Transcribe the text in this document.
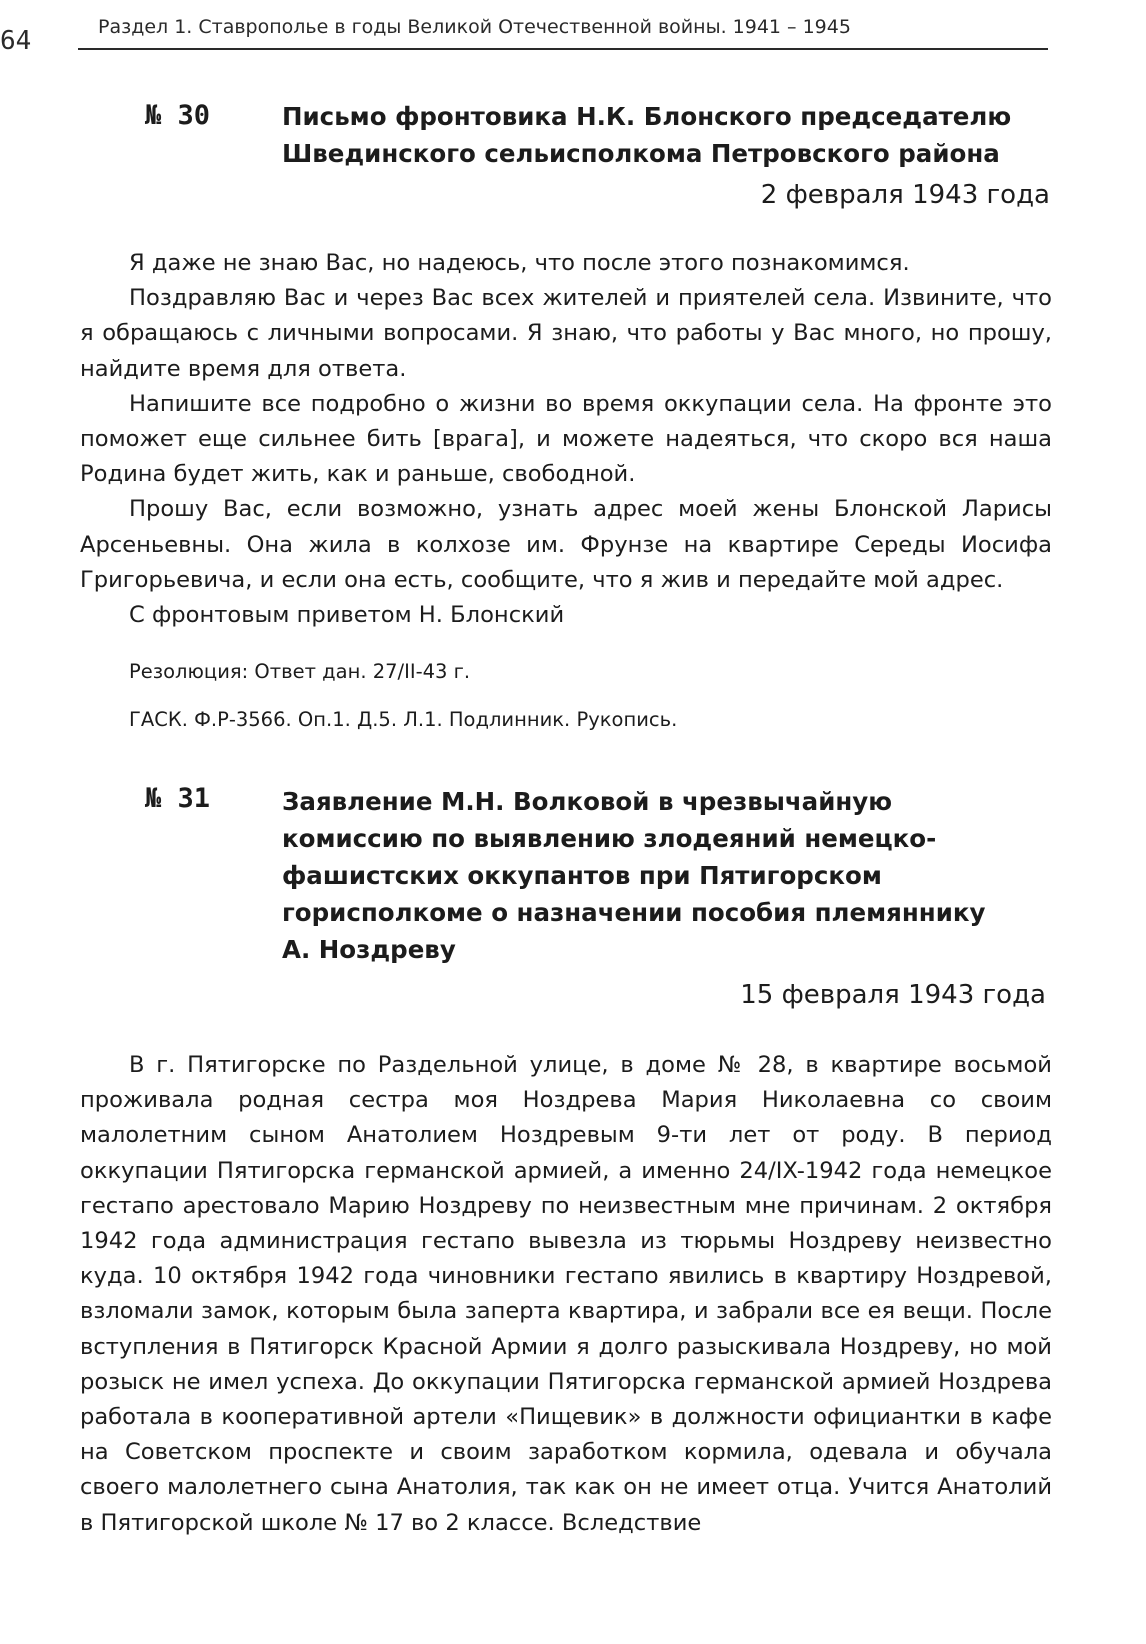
64	Раздел 1. Ставрополье в годы Великой Отечественной войны. 1941 – 1945
№ 30	Письмо фронтовика Н.К. Блонского председателю
Швединского сельисполкома Петровского района
2 февраля 1943 года

Я даже не знаю Вас, но надеюсь, что после этого познакомимся.

Поздравляю Вас и через Вас всех жителей и приятелей села. Извините, что я обращаюсь с личными вопросами. Я знаю, что работы у Вас много, но прошу, найдите время для ответа.

Напишите все подробно о жизни во время оккупации села. На фронте это поможет еще сильнее бить [врага], и можете надеяться, что скоро вся наша Родина будет жить, как и раньше, свободной.

Прошу Вас, если возможно, узнать адрес моей жены Блонской Ларисы Арсеньевны. Она жила в колхозе им. Фрунзе на квартире Середы Иосифа Григорьевича, и если она есть, сообщите, что я жив и передайте мой адрес.

С фронтовым приветом Н. Блонский

Резолюция: Ответ дан. 27/II-43 г.
ГАСК. Ф.Р-3566. Оп.1. Д.5. Л.1. Подлинник. Рукопись.
№ 31	Заявление М.Н. Волковой в чрезвычайную
комиссию по выявлению злодеяний немецко-
фашистских оккупантов при Пятигорском
горисполкоме о назначении пособия племяннику
А. Ноздреву
15 февраля 1943 года

В г. Пятигорске по Раздельной улице, в доме № 28, в квартире восьмой проживала родная сестра моя Ноздрева Мария Николаевна со своим малолетним сыном Анатолием Ноздревым 9-ти лет от роду. В период оккупации Пятигорска германской армией, а именно 24/IX-1942 года немецкое гестапо арестовало Марию Ноздреву по неизвестным мне причинам. 2 октября 1942 года администрация гестапо вывезла из тюрьмы Ноздреву неизвестно куда. 10 октября 1942 года чиновники гестапо явились в квартиру Ноздревой, взломали замок, которым была заперта квартира, и забрали все ея вещи. После вступления в Пятигорск Красной Армии я долго разыскивала Ноздреву, но мой розыск не имел успеха. До оккупации Пятигорска германской армией Ноздрева работала в кооперативной артели «Пищевик» в должности официантки в кафе на Советском проспекте и своим заработком кормила, одевала и обучала своего малолетнего сына Анатолия, так как он не имеет отца. Учится Анатолий в Пятигорской школе № 17 во 2 классе. Вследствие
